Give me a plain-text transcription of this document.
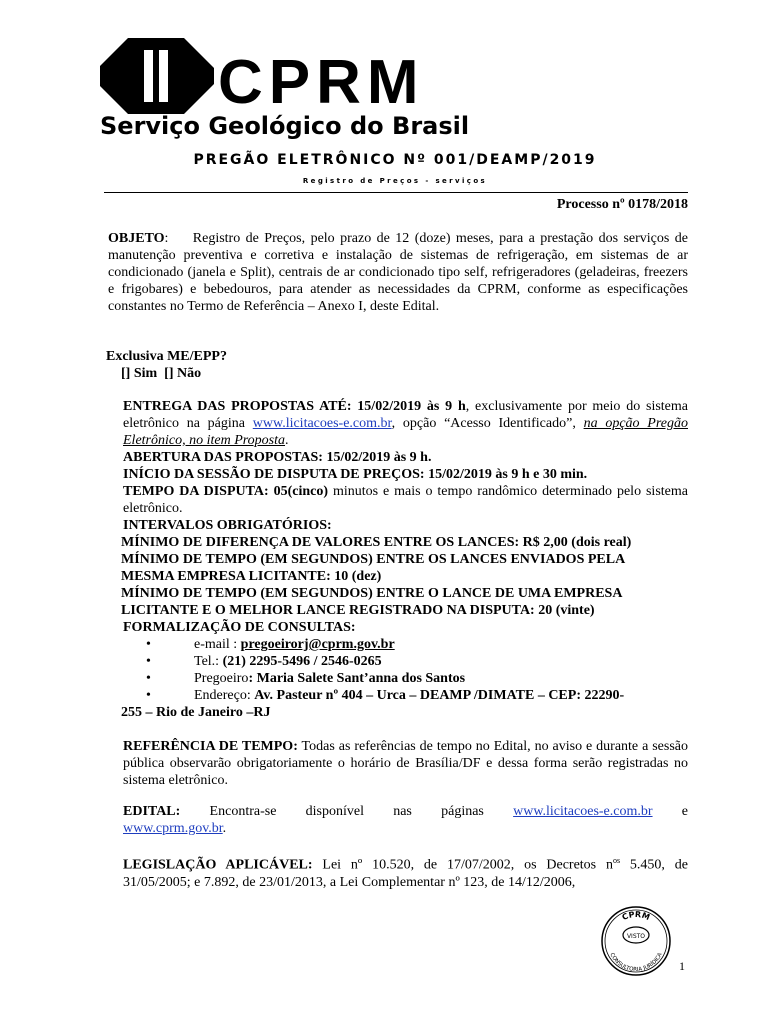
CPRM
Serviço Geológico do Brasil
PREGÃO ELETRÔNICO Nº 001/DEAMP/2019
Registro de Preços - serviços
Processo nº 0178/2018
OBJETO:   Registro de Preços, pelo prazo de 12 (doze) meses, para a prestação dos serviços de manutenção preventiva e corretiva e instalação de sistemas de refrigeração, em sistemas de ar condicionado (janela e Split), centrais de ar condicionado tipo self, refrigeradores (geladeiras, freezers e frigobares) e bebedouros, para atender as necessidades da CPRM, conforme as especificações constantes no Termo de Referência – Anexo I, deste Edital.
Exclusiva ME/EPP?
[] Sim  [] Não
ENTREGA DAS PROPOSTAS ATÉ: 15/02/2019 às 9 h, exclusivamente por meio do sistema eletrônico na página www.licitacoes-e.com.br, opção “Acesso Identificado”, na opção Pregão Eletrônico, no item Proposta.
ABERTURA DAS PROPOSTAS: 15/02/2019 às 9 h.
INÍCIO DA SESSÃO DE DISPUTA DE PREÇOS: 15/02/2019 às 9 h e 30 min.
TEMPO DA DISPUTA: 05(cinco) minutos e mais o tempo randômico determinado pelo sistema eletrônico.
INTERVALOS OBRIGATÓRIOS:
MÍNIMO DE DIFERENÇA DE VALORES ENTRE OS LANCES: R$ 2,00 (dois real)
MÍNIMO DE TEMPO (EM SEGUNDOS) ENTRE OS LANCES ENVIADOS PELA
MESMA EMPRESA LICITANTE: 10 (dez)
MÍNIMO DE TEMPO (EM SEGUNDOS) ENTRE O LANCE DE UMA EMPRESA
LICITANTE E O MELHOR LANCE REGISTRADO NA DISPUTA: 20 (vinte)
FORMALIZAÇÃO DE CONSULTAS:
•	e-mail : pregoeirorj@cprm.gov.br
•	Tel.: (21) 2295-5496 / 2546-0265
•	Pregoeiro: Maria Salete Sant’anna dos Santos
•	Endereço: Av. Pasteur nº 404 – Urca – DEAMP /DIMATE – CEP: 22290-
255 – Rio de Janeiro –RJ
REFERÊNCIA DE TEMPO: Todas as referências de tempo no Edital, no aviso e durante a sessão pública observarão obrigatoriamente o horário de Brasília/DF e dessa forma serão registradas no sistema eletrônico.
EDITAL: Encontra-se disponível nas páginas www.licitacoes-e.com.br e
www.cprm.gov.br.
LEGISLAÇÃO APLICÁVEL: Lei nº 10.520, de 17/07/2002, os Decretos $n^{os}$ 5.450, de 31/05/2005; e 7.892, de 23/01/2013, a Lei Complementar nº 123, de 14/12/2006,
CPRM
VISTO
CONSULTORIA JURÍDICA
1
